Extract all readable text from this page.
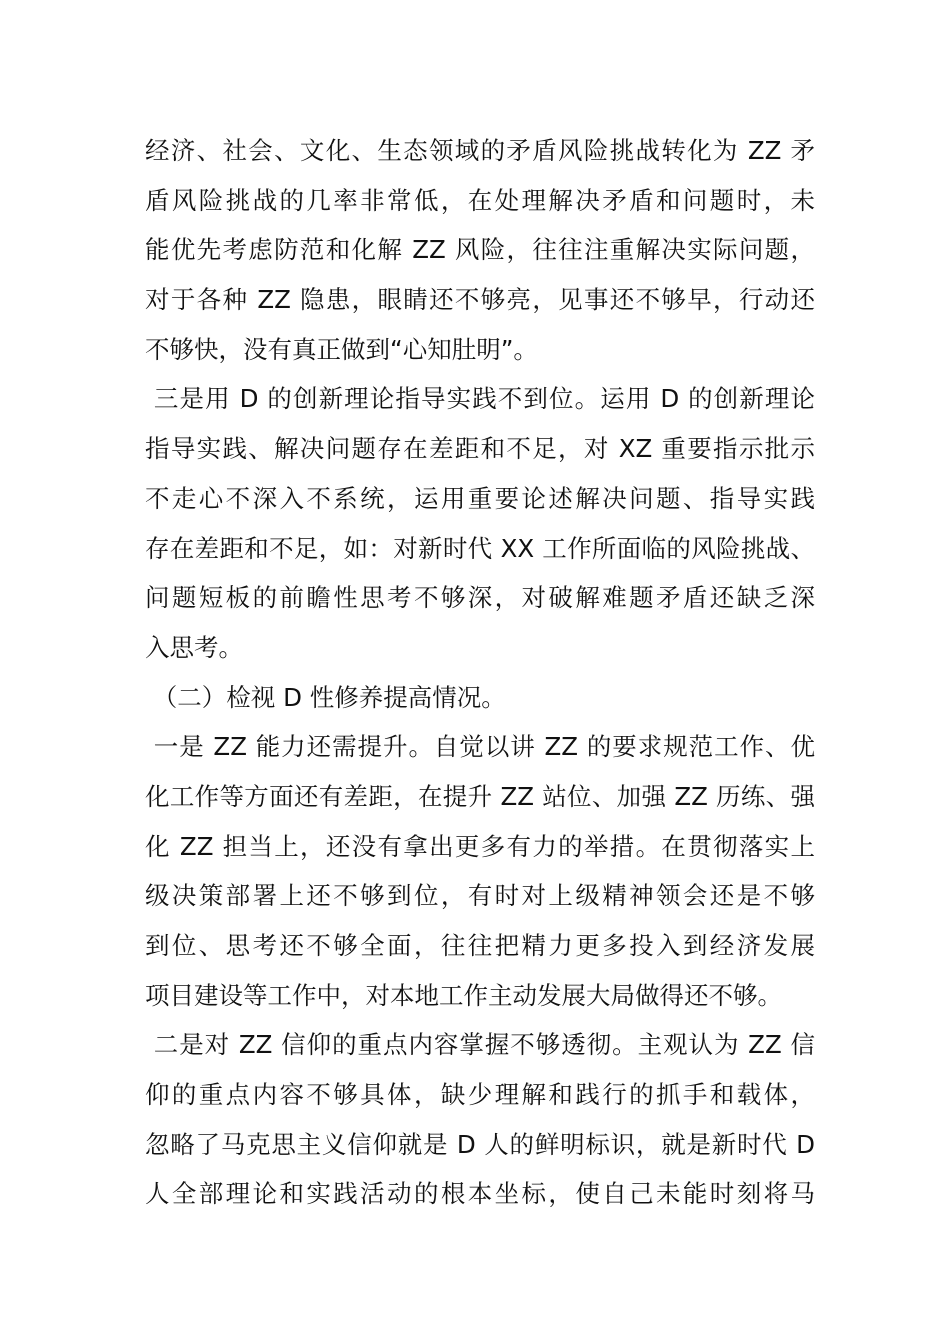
经济、社会、文化、生态领域的矛盾风险挑战转化为 ZZ 矛
盾风险挑战的几率非常低，在处理解决矛盾和问题时，未
能优先考虑防范和化解 ZZ 风险，往往注重解决实际问题，
对于各种 ZZ 隐患，眼睛还不够亮，见事还不够早，行动还
不够快，没有真正做到“心知肚明”。
三是用 D 的创新理论指导实践不到位。运用 D 的创新理论
指导实践、解决问题存在差距和不足，对 XZ 重要指示批示
不走心不深入不系统，运用重要论述解决问题、指导实践
存在差距和不足，如：对新时代 XX 工作所面临的风险挑战、
问题短板的前瞻性思考不够深，对破解难题矛盾还缺乏深
入思考。
（二）检视 D 性修养提高情况。
一是 ZZ 能力还需提升。自觉以讲 ZZ 的要求规范工作、优
化工作等方面还有差距，在提升 ZZ 站位、加强 ZZ 历练、强
化 ZZ 担当上，还没有拿出更多有力的举措。在贯彻落实上
级决策部署上还不够到位，有时对上级精神领会还是不够
到位、思考还不够全面，往往把精力更多投入到经济发展
项目建设等工作中，对本地工作主动发展大局做得还不够。
二是对 ZZ 信仰的重点内容掌握不够透彻。主观认为 ZZ 信
仰的重点内容不够具体，缺少理解和践行的抓手和载体，
忽略了马克思主义信仰就是 D 人的鲜明标识，就是新时代 D
人全部理论和实践活动的根本坐标，使自己未能时刻将马
